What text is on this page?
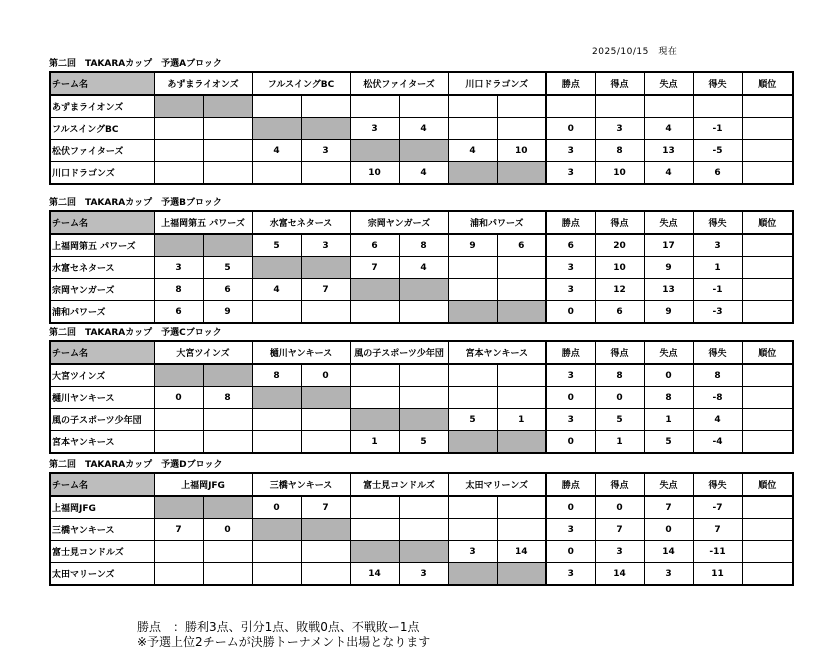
2025/10/15　現在
第二回　TAKARAカップ　予選Aブロック
チーム名	あずまライオンズ		フルスイングBC		松伏ファイターズ		川口ドラゴンズ		勝点	得点	失点	得失	順位
あずまライオンズ													
フルスイングBC					3	4			0	3	4	-1	
松伏ファイターズ			4	3			4	10	3	8	13	-5	
川口ドラゴンズ					10	4			3	10	4	6	
第二回　TAKARAカップ　予選Bブロック
チーム名	上福岡第五 パワーズ		水富セネタース		宗岡ヤンガーズ		浦和パワーズ		勝点	得点	失点	得失	順位
上福岡第五 パワーズ			5	3	6	8	9	6	6	20	17	3	
水富セネタース	3	5			7	4			3	10	9	1	
宗岡ヤンガーズ	8	6	4	7					3	12	13	-1	
浦和パワーズ	6	9							0	6	9	-3	
第二回　TAKARAカップ　予選Cブロック
チーム名	大宮ツインズ		樋川ヤンキース		風の子スポーツ少年団		宮本ヤンキース		勝点	得点	失点	得失	順位
大宮ツインズ			8	0					3	8	0	8	
樋川ヤンキース	0	8							0	0	8	-8	
風の子スポーツ少年団							5	1	3	5	1	4	
宮本ヤンキース					1	5			0	1	5	-4	
第二回　TAKARAカップ　予選Dブロック
チーム名	上福岡JFG		三橋ヤンキース		富士見コンドルズ		太田マリーンズ		勝点	得点	失点	得失	順位
上福岡JFG			0	7					0	0	7	-7	
三橋ヤンキース	7	0							3	7	0	7	
富士見コンドルズ							3	14	0	3	14	-11	
太田マリーンズ					14	3			3	14	3	11	
勝点　：勝利3点、引分1点、敗戦0点、不戦敗ー1点
※予選上位2チームが決勝トーナメント出場となります
